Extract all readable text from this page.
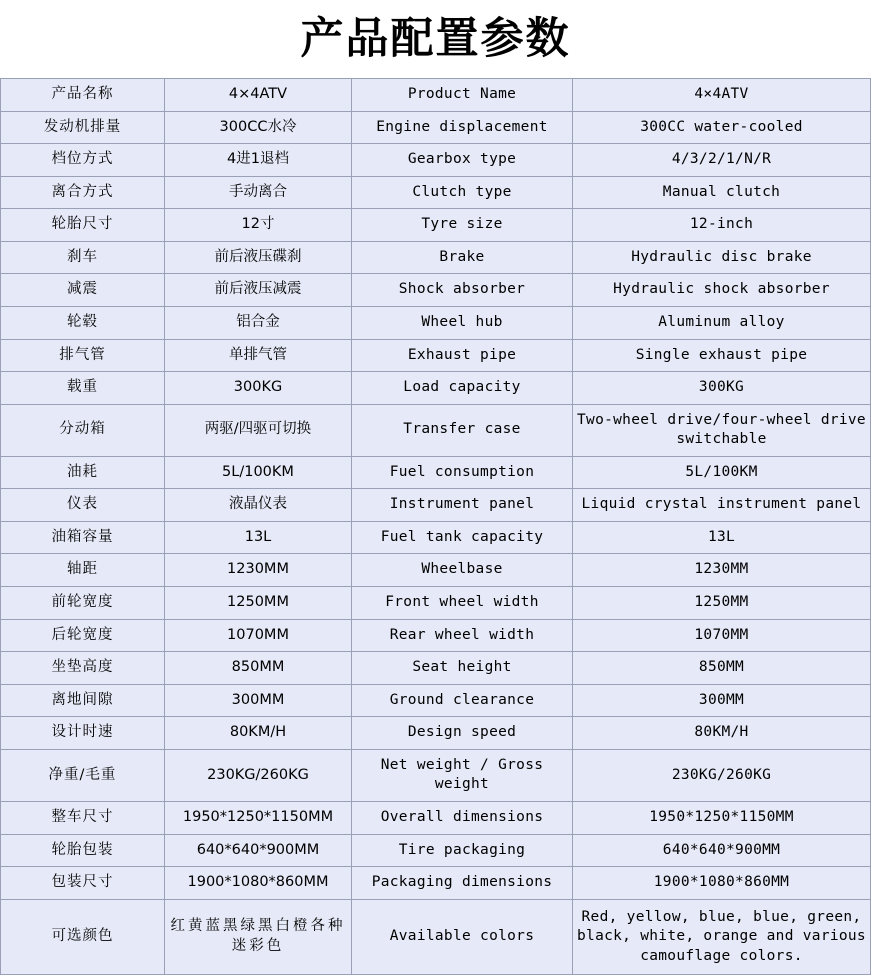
产品配置参数
产品名称	4×4ATV	Product Name	4×4ATV
发动机排量	300CC水冷	Engine displacement	300CC water-cooled
档位方式	4进1退档	Gearbox type	4/3/2/1/N/R
离合方式	手动离合	Clutch type	Manual clutch
轮胎尺寸	12寸	Tyre size	12-inch
刹车	前后液压碟刹	Brake	Hydraulic disc brake
减震	前后液压减震	Shock absorber	Hydraulic shock absorber
轮毂	铝合金	Wheel hub	Aluminum alloy
排气管	单排气管	Exhaust pipe	Single exhaust pipe
载重	300KG	Load capacity	300KG
分动箱	两驱/四驱可切换	Transfer case	Two-wheel drive/four-wheel drive switchable
油耗	5L/100KM	Fuel consumption	5L/100KM
仪表	液晶仪表	Instrument panel	Liquid crystal instrument panel
油箱容量	13L	Fuel tank capacity	13L
轴距	1230MM	Wheelbase	1230MM
前轮宽度	1250MM	Front wheel width	1250MM
后轮宽度	1070MM	Rear wheel width	1070MM
坐垫高度	850MM	Seat height	850MM
离地间隙	300MM	Ground clearance	300MM
设计时速	80KM/H	Design speed	80KM/H
净重/毛重	230KG/260KG	Net weight / Gross weight	230KG/260KG
整车尺寸	1950*1250*1150MM	Overall dimensions	1950*1250*1150MM
轮胎包装	640*640*900MM	Tire packaging	640*640*900MM
包装尺寸	1900*1080*860MM	Packaging dimensions	1900*1080*860MM
可选颜色	红黄蓝黑绿黑白橙各种迷彩色	Available colors	Red, yellow, blue, blue, green, black, white, orange and various camouflage colors.
